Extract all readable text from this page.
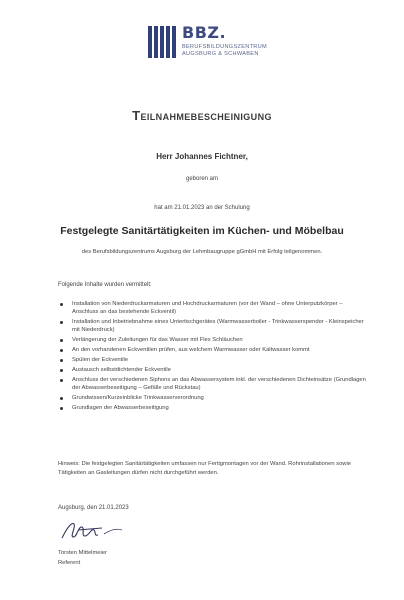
BBZ.
BERUFSBILDUNGSZENTRUM
AUGSBURG & SCHWABEN
Teilnahmebescheinigung
Herr Johannes Fichtner,
geboren am
hat am 21.01.2023 an der Schulung
Festgelegte Sanitärtätigkeiten im Küchen- und Möbelbau
des Berufsbildungszentrums Augsburg der Lehmbaugruppe gGmbH mit Erfolg teilgenommen.
Folgende Inhalte wurden vermittelt:
Installation von Niederdruckarmaturen und Hochdruckarmaturen (vor der Wand – ohne Unterputzkörper – Anschluss an das bestehende Eckventil)
Installation und Inbetriebnahme eines Untertischgerätes (Warmwasserboiler - Trinkwasserspender - Kleinspeicher mit Niederdruck)
Verlängerung der Zuleitungen für das Wasser mit Flex Schläuchen
An den vorhandenen Eckventilen prüfen, aus welchem Warmwasser oder Kaltwasser kommt
Spülen der Eckventile
Austausch selbstdichtender Eckventile
Anschluss der verschiedenen Siphons an das Abwassersystem inkl. der verschiedenen Dichteinsätze (Grundlagen der Abwasserbeseitigung – Gefälle und Rückstau)
Grundwissen/Kurzeinblicke Trinkwasserverordnung
Grundlagen der Abwasserbeseitigung
Hinweis: Die festgelegten Sanitärtätigkeiten umfassen nur Fertigmontagen vor der Wand. Rohrinstallationen sowie Tätigkeiten an Gasleitungen dürfen nicht durchgeführt werden.
Augsburg, den 21.01.2023
Torsten Mittelmeier
Referent
